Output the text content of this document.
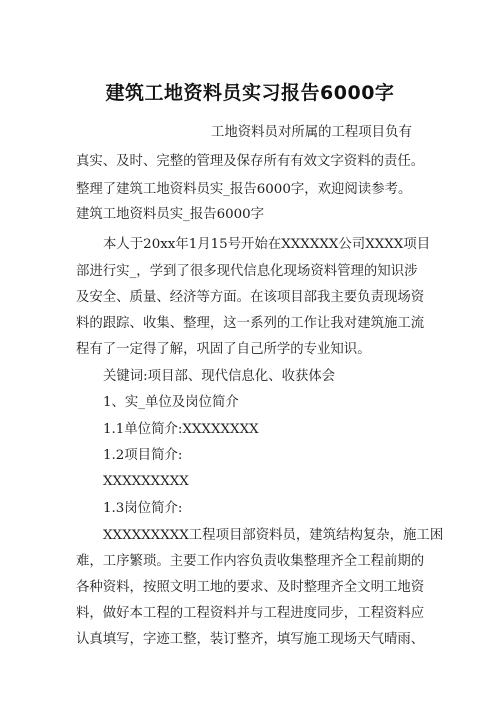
建筑工地资料员实习报告6000字
工地资料员对所属的工程项目负有
真实、及时、完整的管理及保存所有有效文字资料的责任。
整理了建筑工地资料员实_报告6000字，欢迎阅读参考。
建筑工地资料员实_报告6000字
本人于20xx年1月15号开始在XXXXXX公司XXXX项目
部进行实_，学到了很多现代信息化现场资料管理的知识涉
及安全、质量、经济等方面。在该项目部我主要负责现场资
料的跟踪、收集、整理，这一系列的工作让我对建筑施工流
程有了一定得了解，巩固了自己所学的专业知识。
关键词:项目部、现代信息化、收获体会
1、实_单位及岗位简介
1.1单位简介:XXXXXXXX
1.2项目简介:
XXXXXXXXX
1.3岗位简介:
XXXXXXXXX工程项目部资料员，建筑结构复杂，施工困
难，工序繁琐。主要工作内容负责收集整理齐全工程前期的
各种资料，按照文明工地的要求、及时整理齐全文明工地资
料，做好本工程的工程资料并与工程进度同步，工程资料应
认真填写，字迹工整，装订整齐，填写施工现场天气晴雨、
